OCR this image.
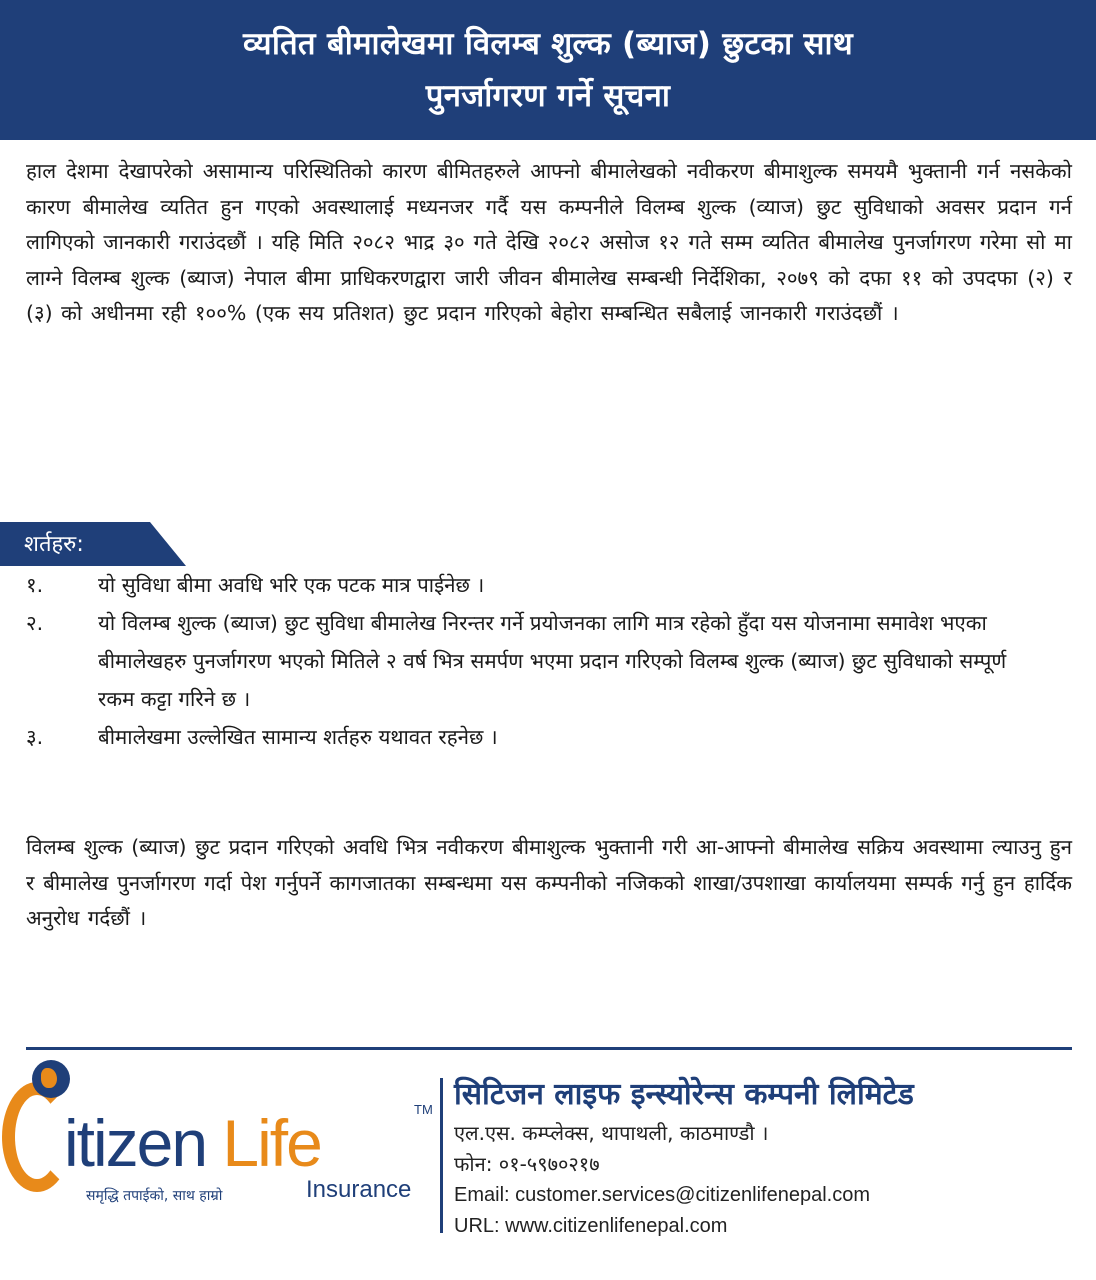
व्यतित बीमालेखमा विलम्ब शुल्क (ब्याज) छुटका साथ
पुनर्जागरण गर्ने सूचना
हाल देशमा देखापरेको असामान्य परिस्थितिको कारण बीमितहरुले आफ्नो बीमालेखको नवीकरण बीमाशुल्क समयमै भुक्तानी गर्न नसकेको कारण बीमालेख व्यतित हुन गएको अवस्थालाई मध्यनजर गर्दै यस कम्पनीले विलम्ब शुल्क (व्याज) छुट सुविधाको अवसर प्रदान गर्न लागिएको जानकारी गराउंदछौं । यहि मिति २०८२ भाद्र ३० गते देखि २०८२ असोज १२ गते सम्म व्यतित बीमालेख पुनर्जागरण गरेमा सो मा लाग्ने विलम्ब शुल्क (ब्याज) नेपाल बीमा प्राधिकरणद्वारा जारी जीवन बीमालेख सम्बन्धी निर्देशिका, २०७९ को दफा ११ को उपदफा (२) र (३) को अधीनमा रही १००% (एक सय प्रतिशत) छुट प्रदान गरिएको बेहोरा सम्बन्धित सबैलाई जानकारी गराउंदछौं ।
शर्तहरु:
१.	यो सुविधा बीमा अवधि भरि एक पटक मात्र पाईनेछ ।
२.	यो विलम्ब शुल्क (ब्याज) छुट सुविधा बीमालेख निरन्तर गर्ने प्रयोजनका लागि मात्र रहेको हुँदा यस योजनामा समावेश भएका बीमालेखहरु पुनर्जागरण भएको मितिले २ वर्ष भित्र समर्पण भएमा प्रदान गरिएको विलम्ब शुल्क (ब्याज) छुट सुविधाको सम्पूर्ण रकम कट्टा गरिने छ ।
३.	बीमालेखमा उल्लेखित सामान्य शर्तहरु यथावत रहनेछ ।
विलम्ब शुल्क (ब्याज) छुट प्रदान गरिएको अवधि भित्र नवीकरण बीमाशुल्क भुक्तानी गरी आ-आफ्नो बीमालेख सक्रिय अवस्थामा ल्याउनु हुन र बीमालेख पुनर्जागरण गर्दा पेश गर्नुपर्ने कागजातका सम्बन्धमा यस कम्पनीको नजिकको शाखा/उपशाखा कार्यालयमा सम्पर्क गर्नु हुन हार्दिक अनुरोध गर्दछौं ।
itizen Life	TM
Insurance
समृद्धि तपाईको, साथ हाम्रो
सिटिजन लाइफ इन्स्योरेन्स कम्पनी लिमिटेड
एल.एस. कम्प्लेक्स, थापाथली, काठमाण्डौ ।
फोन: ०१-५९७०२१७
Email: customer.services@citizenlifenepal.com
URL: www.citizenlifenepal.com
